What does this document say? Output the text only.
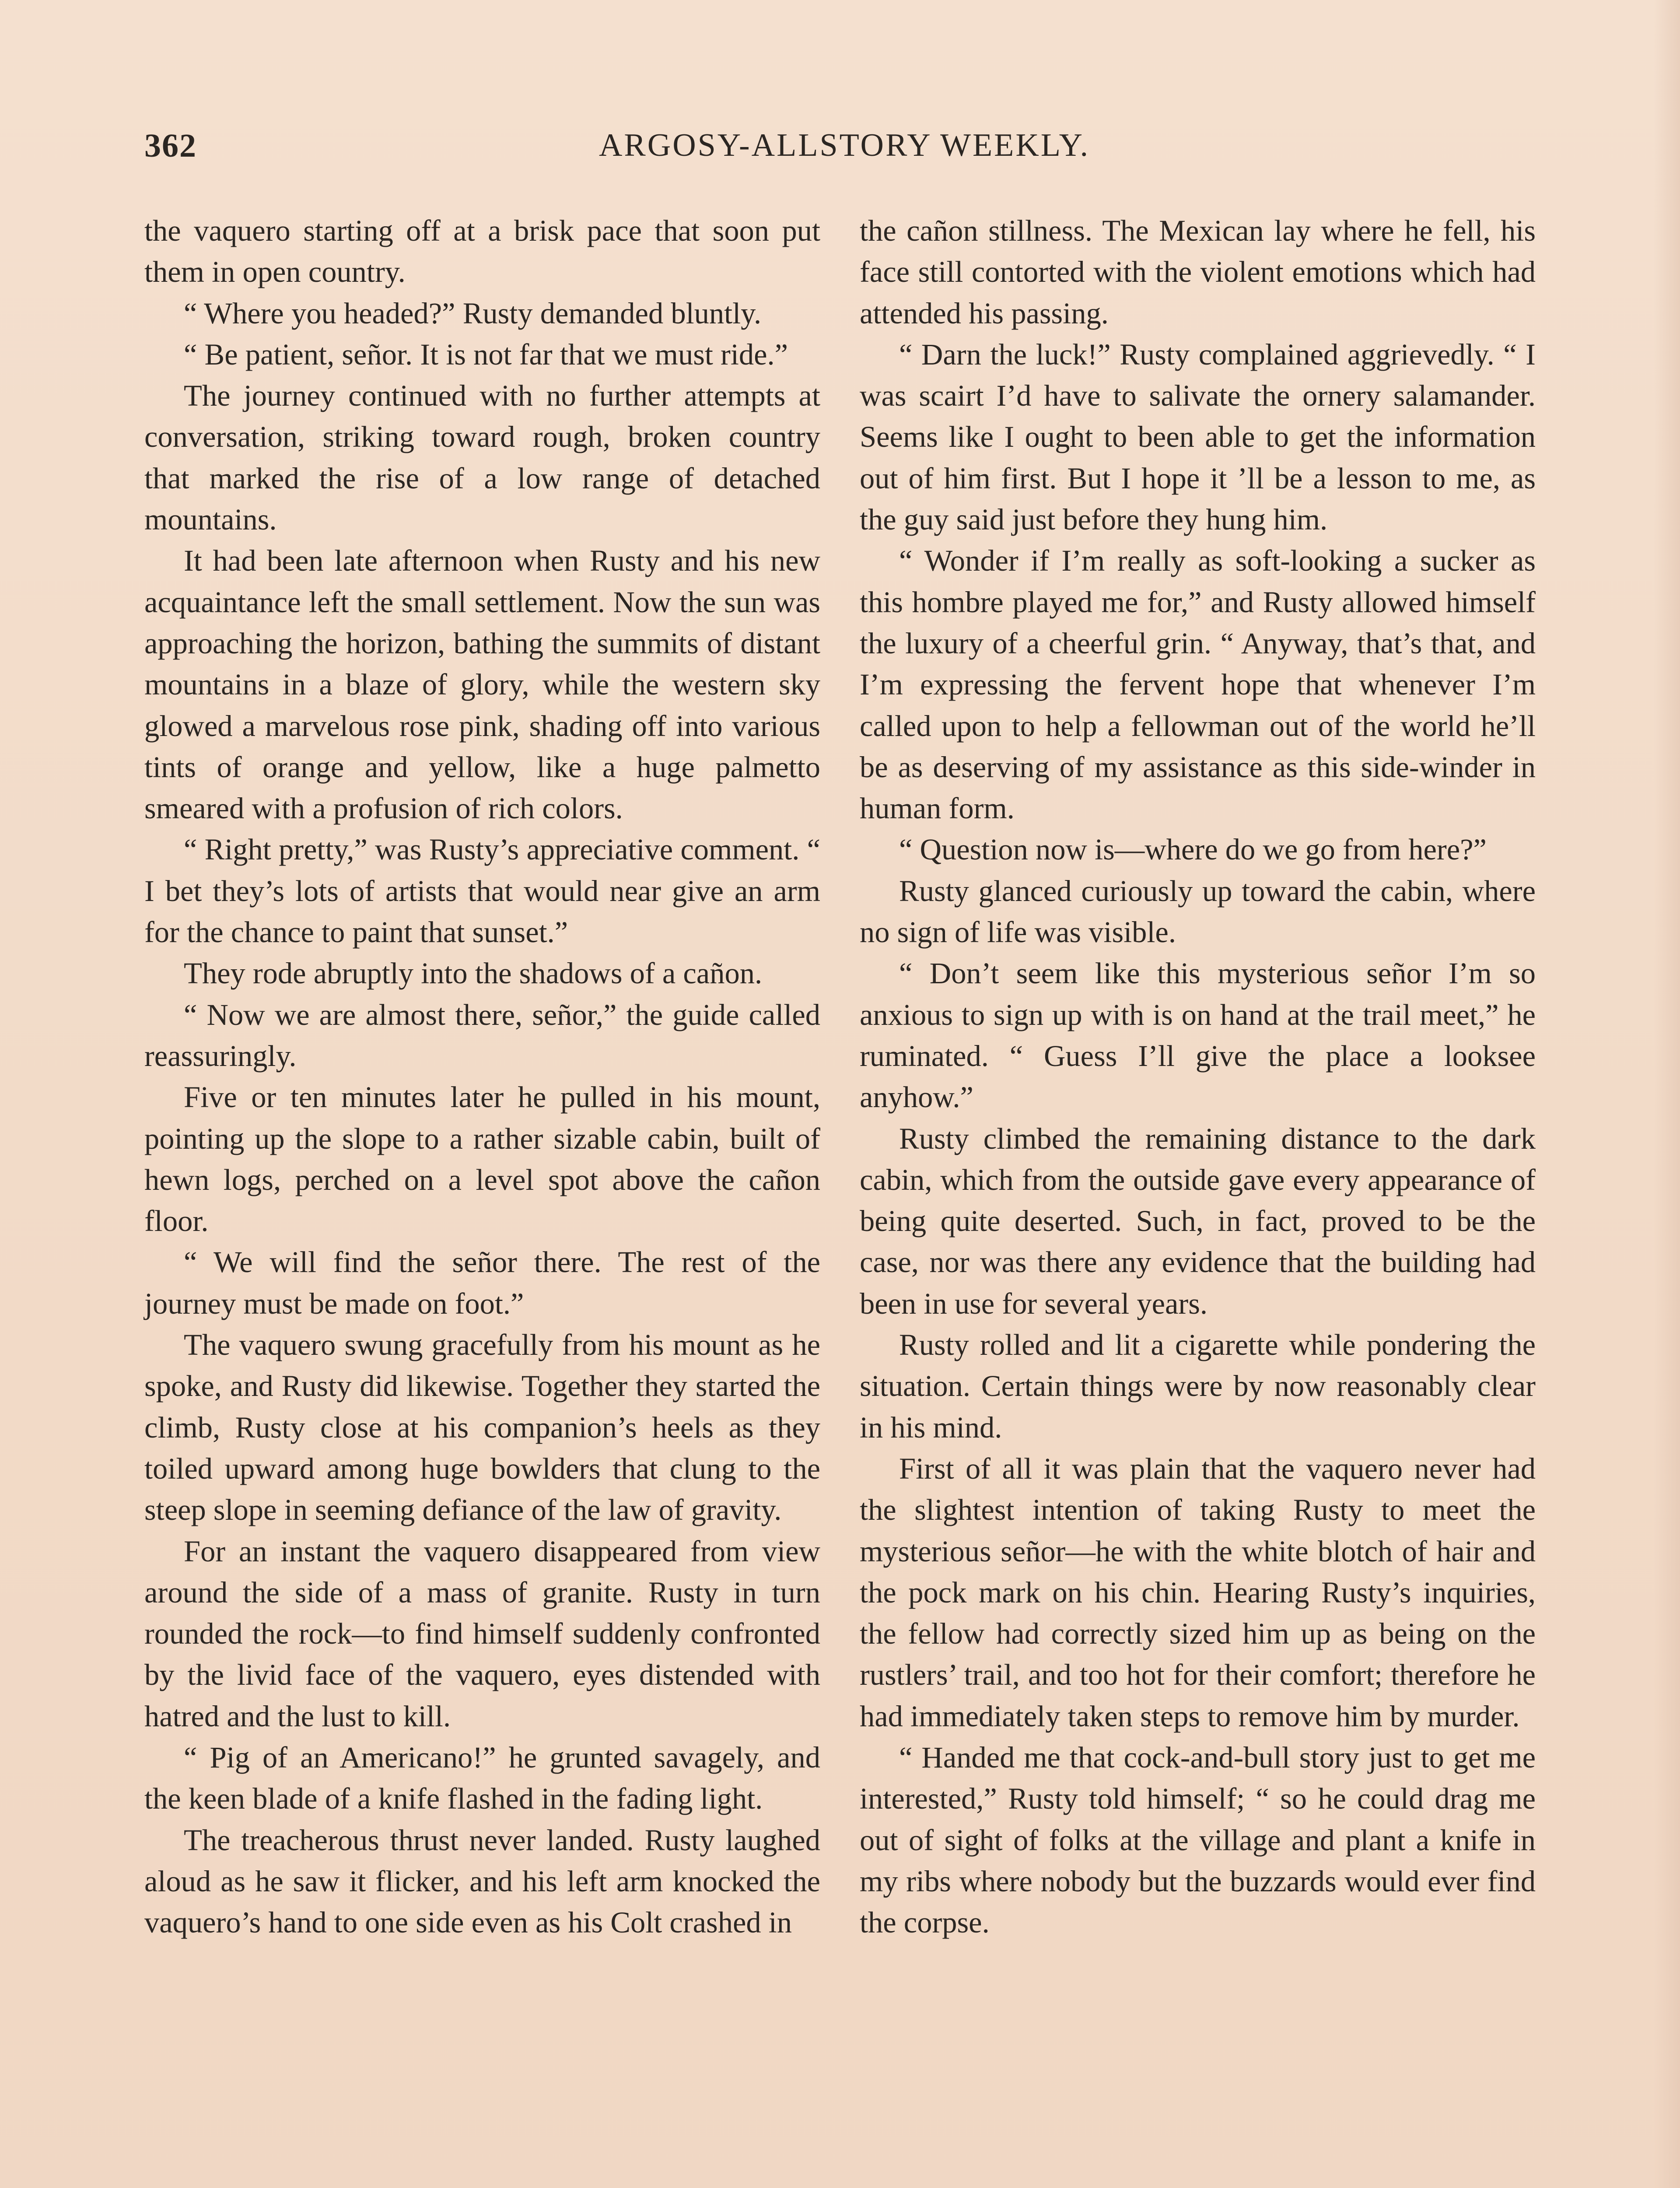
362	ARGOSY-ALLSTORY WEEKLY.

the vaquero starting off at a brisk pace that soon put them in open country.

“ Where you headed?” Rusty demanded bluntly.

“ Be patient, señor. It is not far that we must ride.”

The journey continued with no further attempts at conversation, striking toward rough, broken country that marked the rise of a low range of detached mountains.

It had been late afternoon when Rusty and his new acquaintance left the small settlement. Now the sun was approaching the horizon, bathing the summits of distant mountains in a blaze of glory, while the western sky glowed a marvelous rose pink, shading off into various tints of orange and yellow, like a huge palmetto smeared with a profusion of rich colors.

“ Right pretty,” was Rusty’s appreciative comment. “ I bet they’s lots of artists that would near give an arm for the chance to paint that sunset.”

They rode abruptly into the shadows of a cañon.

“ Now we are almost there, señor,” the guide called reassuringly.

Five or ten minutes later he pulled in his mount, pointing up the slope to a rather sizable cabin, built of hewn logs, perched on a level spot above the cañon floor.

“ We will find the señor there. The rest of the journey must be made on foot.”

The vaquero swung gracefully from his mount as he spoke, and Rusty did likewise. Together they started the climb, Rusty close at his companion’s heels as they toiled upward among huge bowlders that clung to the steep slope in seeming defiance of the law of gravity.

For an instant the vaquero disappeared from view around the side of a mass of granite. Rusty in turn rounded the rock—to find himself suddenly confronted by the livid face of the vaquero, eyes distended with hatred and the lust to kill.

“ Pig of an Americano!” he grunted savagely, and the keen blade of a knife flashed in the fading light.

The treacherous thrust never landed. Rusty laughed aloud as he saw it flicker, and his left arm knocked the vaquero’s hand to one side even as his Colt crashed in

the cañon stillness. The Mexican lay where he fell, his face still contorted with the violent emotions which had attended his passing.

“ Darn the luck!” Rusty complained aggrievedly. “ I was scairt I’d have to salivate the ornery salamander. Seems like I ought to been able to get the information out of him first. But I hope it ’ll be a lesson to me, as the guy said just before they hung him.

“ Wonder if I’m really as soft-looking a sucker as this hombre played me for,” and Rusty allowed himself the luxury of a cheerful grin. “ Anyway, that’s that, and I’m expressing the fervent hope that whenever I’m called upon to help a fellowman out of the world he’ll be as deserving of my assistance as this side-winder in human form.

“ Question now is—where do we go from here?”

Rusty glanced curiously up toward the cabin, where no sign of life was visible.

“ Don’t seem like this mysterious señor I’m so anxious to sign up with is on hand at the trail meet,” he ruminated. “ Guess I’ll give the place a looksee anyhow.”

Rusty climbed the remaining distance to the dark cabin, which from the outside gave every appearance of being quite deserted. Such, in fact, proved to be the case, nor was there any evidence that the building had been in use for several years.

Rusty rolled and lit a cigarette while pondering the situation. Certain things were by now reasonably clear in his mind.

First of all it was plain that the vaquero never had the slightest intention of taking Rusty to meet the mysterious señor—he with the white blotch of hair and the pock mark on his chin. Hearing Rusty’s inquiries, the fellow had correctly sized him up as being on the rustlers’ trail, and too hot for their comfort; therefore he had immediately taken steps to remove him by murder.

“ Handed me that cock-and-bull story just to get me interested,” Rusty told himself; “ so he could drag me out of sight of folks at the village and plant a knife in my ribs where nobody but the buzzards would ever find the corpse.
